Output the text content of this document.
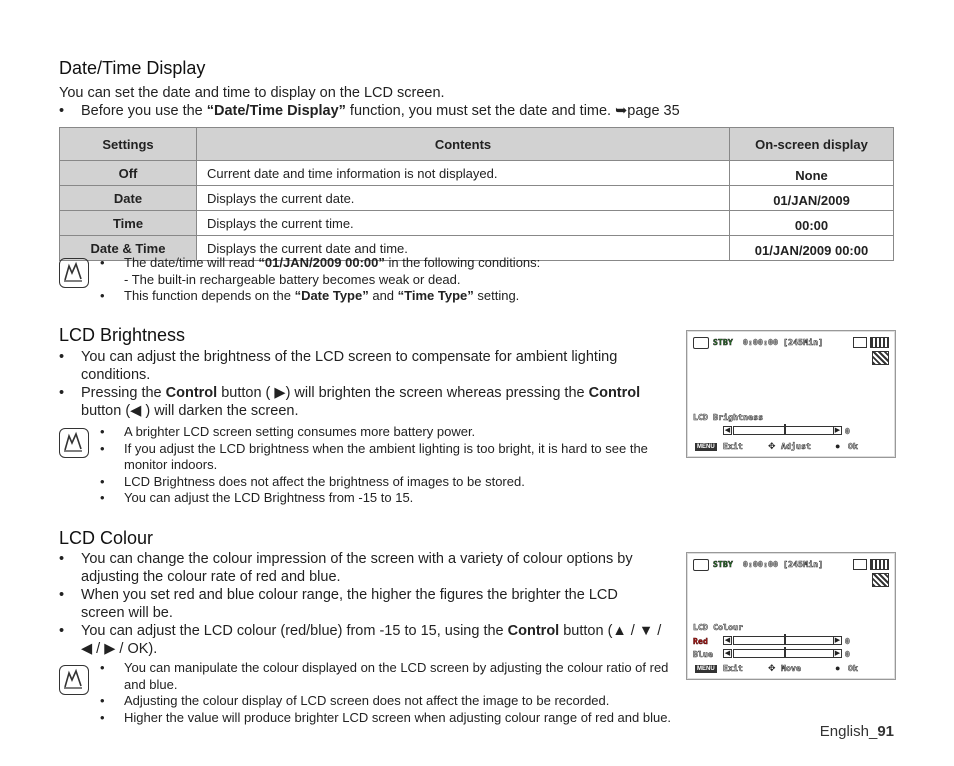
Date/Time Display
You can set the date and time to display on the LCD screen.
• Before you use the “Date/Time Display” function, you must set the date and time. ➥page 35
Settings	Contents	On-screen display
Off	Current date and time information is not displayed.	None
Date	Displays the current date.	01/JAN/2009
Time	Displays the current time.	00:00
Date & Time	Displays the current date and time.	01/JAN/2009 00:00
• The date/time will read “01/JAN/2009 00:00” in the following conditions:
- The built-in rechargeable battery becomes weak or dead.
• This function depends on the “Date Type” and “Time Type” setting.
LCD Brightness
• You can adjust the brightness of the LCD screen to compensate for ambient lighting conditions.
• Pressing the Control button ( ▶) will brighten the screen whereas pressing the Control button (◀ ) will darken the screen.
• A brighter LCD screen setting consumes more battery power.
• If you adjust the LCD brightness when the ambient lighting is too bright, it is hard to see the monitor indoors.
• LCD Brightness does not affect the brightness of images to be stored.
• You can adjust the LCD Brightness from -15 to 15.
STBY 0:00:00 [245Min]
LCD Brightness
◀	▶ 0
MENU Exit	✥ Adjust	● Ok
LCD Colour
• You can change the colour impression of the screen with a variety of colour options by adjusting the colour rate of red and blue.
• When you set red and blue colour range, the higher the figures the brighter the LCD screen will be.
• You can adjust the LCD colour (red/blue) from -15 to 15, using the Control button (▲ / ▼ / ◀ / ▶ / OK).
• You can manipulate the colour displayed on the LCD screen by adjusting the colour ratio of red and blue.
• Adjusting the colour display of LCD screen does not affect the image to be recorded.
• Higher the value will produce brighter LCD screen when adjusting colour range of red and blue.
STBY 0:00:00 [245Min]
LCD Colour
Red ◀	▶ 0
Blue ◀	▶ 0
MENU Exit	✥ Move	● Ok
English_91
